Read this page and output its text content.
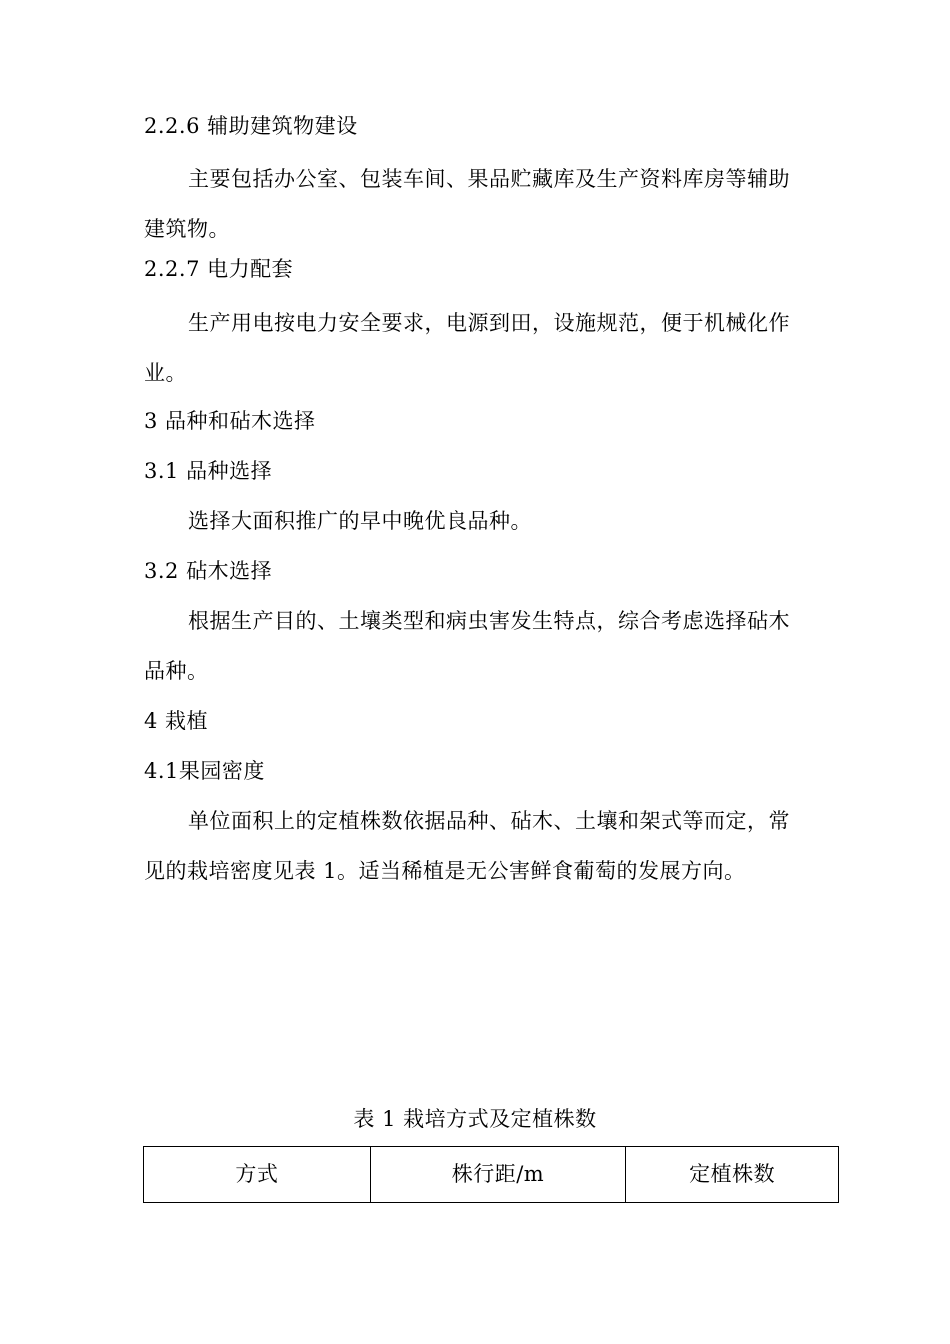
2.2.6 辅助建筑物建设
主要包括办公室、包装车间、果品贮藏库及生产资料库房等辅助
建筑物。
2.2.7 电力配套
生产用电按电力安全要求，电源到田，设施规范，便于机械化作
业。
3 品种和砧木选择
3.1 品种选择
选择大面积推广的早中晚优良品种。
3.2 砧木选择
根据生产目的、土壤类型和病虫害发生特点，综合考虑选择砧木
品种。
4 栽植
4.1果园密度
单位面积上的定植株数依据品种、砧木、土壤和架式等而定，常
见的栽培密度见表 1。适当稀植是无公害鲜食葡萄的发展方向。
表 1 栽培方式及定植株数
方式	株行距/m	定植株数
